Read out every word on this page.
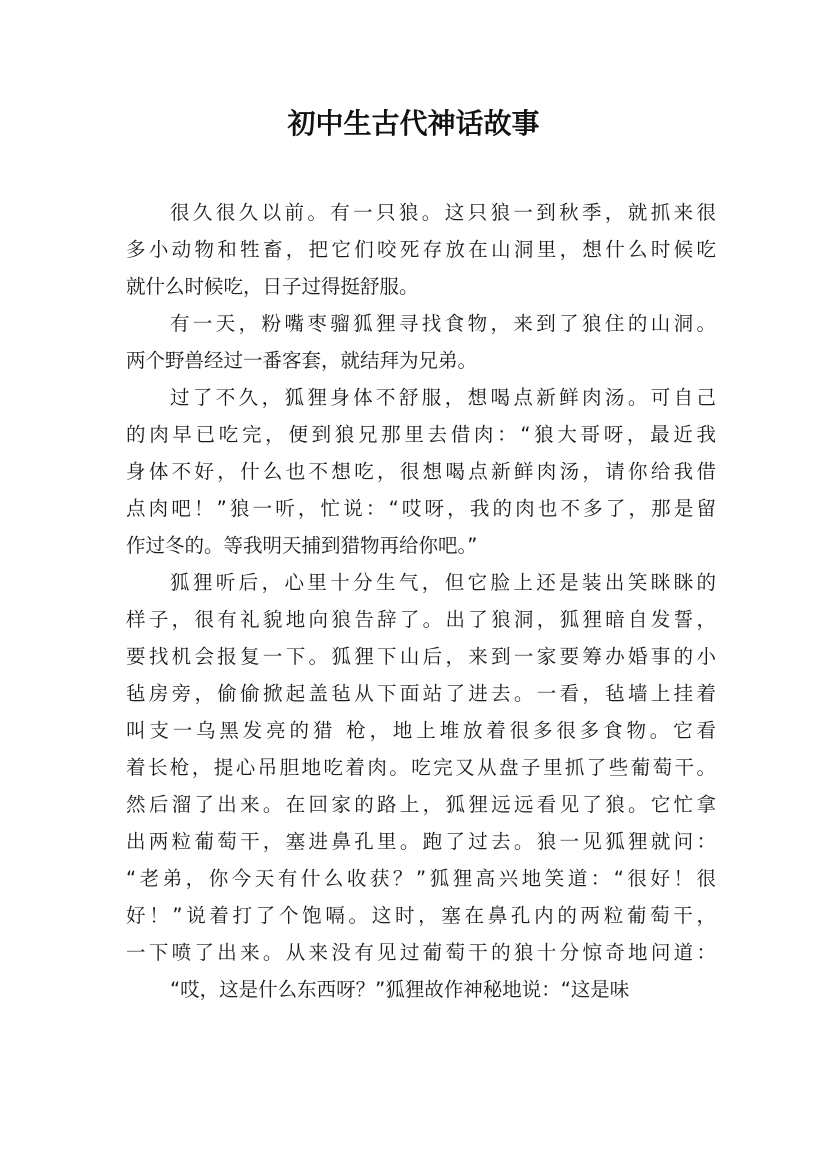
初中生古代神话故事
很久很久以前。有一只狼。这只狼一到秋季，就抓来很
多小动物和牲畜，把它们咬死存放在山洞里，想什么时候吃
就什么时候吃，日子过得挺舒服。
有一天，粉嘴枣骝狐狸寻找食物，来到了狼住的山洞。
两个野兽经过一番客套，就结拜为兄弟。
过了不久，狐狸身体不舒服，想喝点新鲜肉汤。可自己
的肉早已吃完，便到狼兄那里去借肉：“狼大哥呀，最近我
身体不好，什么也不想吃，很想喝点新鲜肉汤，请你给我借
点肉吧！”狼一听，忙说：“哎呀，我的肉也不多了，那是留
作过冬的。等我明天捕到猎物再给你吧。”
狐狸听后，心里十分生气，但它脸上还是装出笑眯眯的
样子，很有礼貌地向狼告辞了。出了狼洞，狐狸暗自发誓，
要找机会报复一下。狐狸下山后，来到一家要筹办婚事的小
毡房旁，偷偷掀起盖毡从下面站了进去。一看，毡墙上挂着
叫支一乌黑发亮的猎 枪，地上堆放着很多很多食物。它看
着长枪，提心吊胆地吃着肉。吃完又从盘子里抓了些葡萄干。
然后溜了出来。在回家的路上，狐狸远远看见了狼。它忙拿
出两粒葡萄干，塞进鼻孔里。跑了过去。狼一见狐狸就问：
“老弟，你今天有什么收获？”狐狸高兴地笑道：“很好！很
好！”说着打了个饱嗝。这时，塞在鼻孔内的两粒葡萄干，
一下喷了出来。从来没有见过葡萄干的狼十分惊奇地问道：
“哎，这是什么东西呀？”狐狸故作神秘地说：“这是味
